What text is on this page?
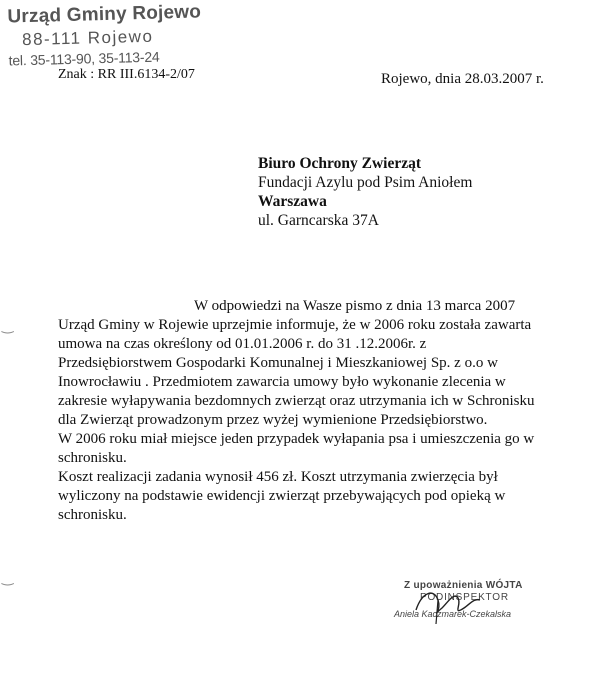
Urząd Gminy Rojewo
88-111 Rojewo
tel. 35-113-90, 35-113-24
Znak : RR III.6134-2/07	Rojewo, dnia 28.03.2007 r.
Biuro Ochrony Zwierząt
Fundacji Azylu pod Psim Aniołem
Warszawa
ul. Garncarska 37A
W odpowiedzi na Wasze pismo z dnia 13 marca 2007
Urząd Gminy w Rojewie uprzejmie informuje, że w 2006 roku została zawarta
umowa na czas określony od 01.01.2006 r. do 31 .12.2006r. z
Przedsiębiorstwem Gospodarki Komunalnej i Mieszkaniowej Sp. z o.o w
Inowrocławiu . Przedmiotem zawarcia umowy było wykonanie zlecenia w
zakresie wyłapywania bezdomnych zwierząt oraz utrzymania ich w Schronisku
dla Zwierząt prowadzonym przez wyżej wymienione Przedsiębiorstwo.
W 2006 roku miał miejsce jeden przypadek wyłapania psa i umieszczenia go w
schronisku.
Koszt realizacji zadania wynosił 456 zł. Koszt utrzymania zwierzęcia był
wyliczony na podstawie ewidencji zwierząt przebywających pod opieką w
schronisku.
‿
‿	Z upoważnienia WÓJTA
PODINSPEKTOR
Aniela Kaczmarek-Czekalska
